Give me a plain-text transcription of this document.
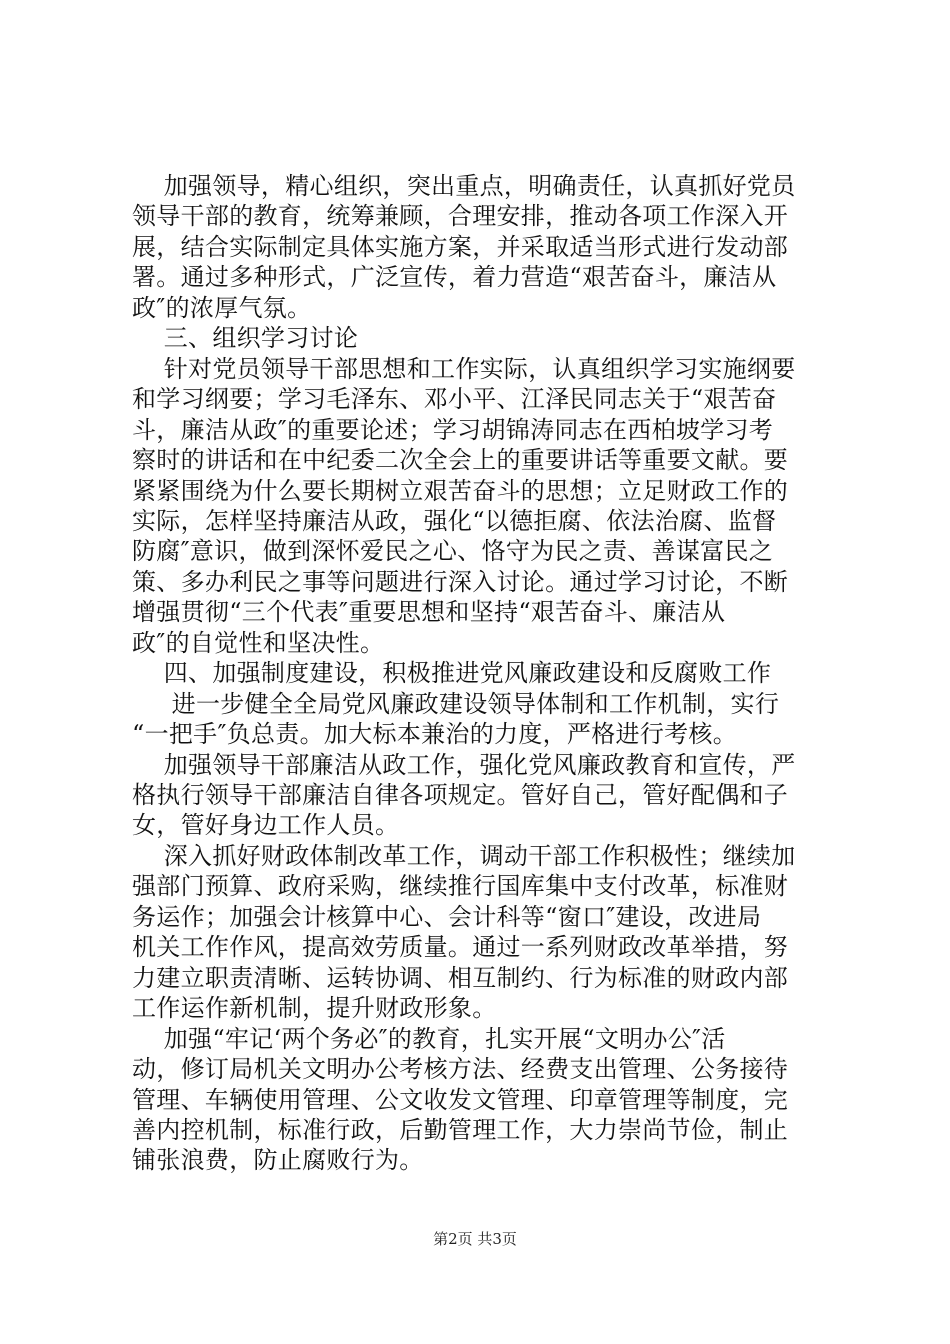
加强领导，精心组织，突出重点，明确责任，认真抓好党员
领导干部的教育，统筹兼顾，合理安排，推动各项工作深入开
展，结合实际制定具体实施方案，并采取适当形式进行发动部
署。通过多种形式，广泛宣传，着力营造“艰苦奋斗，廉洁从
政″的浓厚气氛。
三、组织学习讨论
针对党员领导干部思想和工作实际，认真组织学习实施纲要
和学习纲要；学习毛泽东、邓小平、江泽民同志关于“艰苦奋
斗，廉洁从政″的重要论述；学习胡锦涛同志在西柏坡学习考
察时的讲话和在中纪委二次全会上的重要讲话等重要文献。要
紧紧围绕为什么要长期树立艰苦奋斗的思想；立足财政工作的
实际，怎样坚持廉洁从政，强化“以德拒腐、依法治腐、监督
防腐″意识，做到深怀爱民之心、恪守为民之责、善谋富民之
策、多办利民之事等问题进行深入讨论。通过学习讨论，不断
增强贯彻“三个代表″重要思想和坚持“艰苦奋斗、廉洁从
政″的自觉性和坚决性。
四、加强制度建设，积极推进党风廉政建设和反腐败工作
进一步健全全局党风廉政建设领导体制和工作机制，实行
“一把手″负总责。加大标本兼治的力度，严格进行考核。
加强领导干部廉洁从政工作，强化党风廉政教育和宣传，严
格执行领导干部廉洁自律各项规定。管好自己，管好配偶和子
女，管好身边工作人员。
深入抓好财政体制改革工作，调动干部工作积极性；继续加
强部门预算、政府采购，继续推行国库集中支付改革，标准财
务运作；加强会计核算中心、会计科等“窗口″建设，改进局
机关工作作风，提高效劳质量。通过一系列财政改革举措，努
力建立职责清晰、运转协调、相互制约、行为标准的财政内部
工作运作新机制，提升财政形象。
加强“牢记‘两个务必″的教育，扎实开展“文明办公″活
动，修订局机关文明办公考核方法、经费支出管理、公务接待
管理、车辆使用管理、公文收发文管理、印章管理等制度，完
善内控机制，标准行政，后勤管理工作，大力崇尚节俭，制止
铺张浪费，防止腐败行为。
第2页 共3页
